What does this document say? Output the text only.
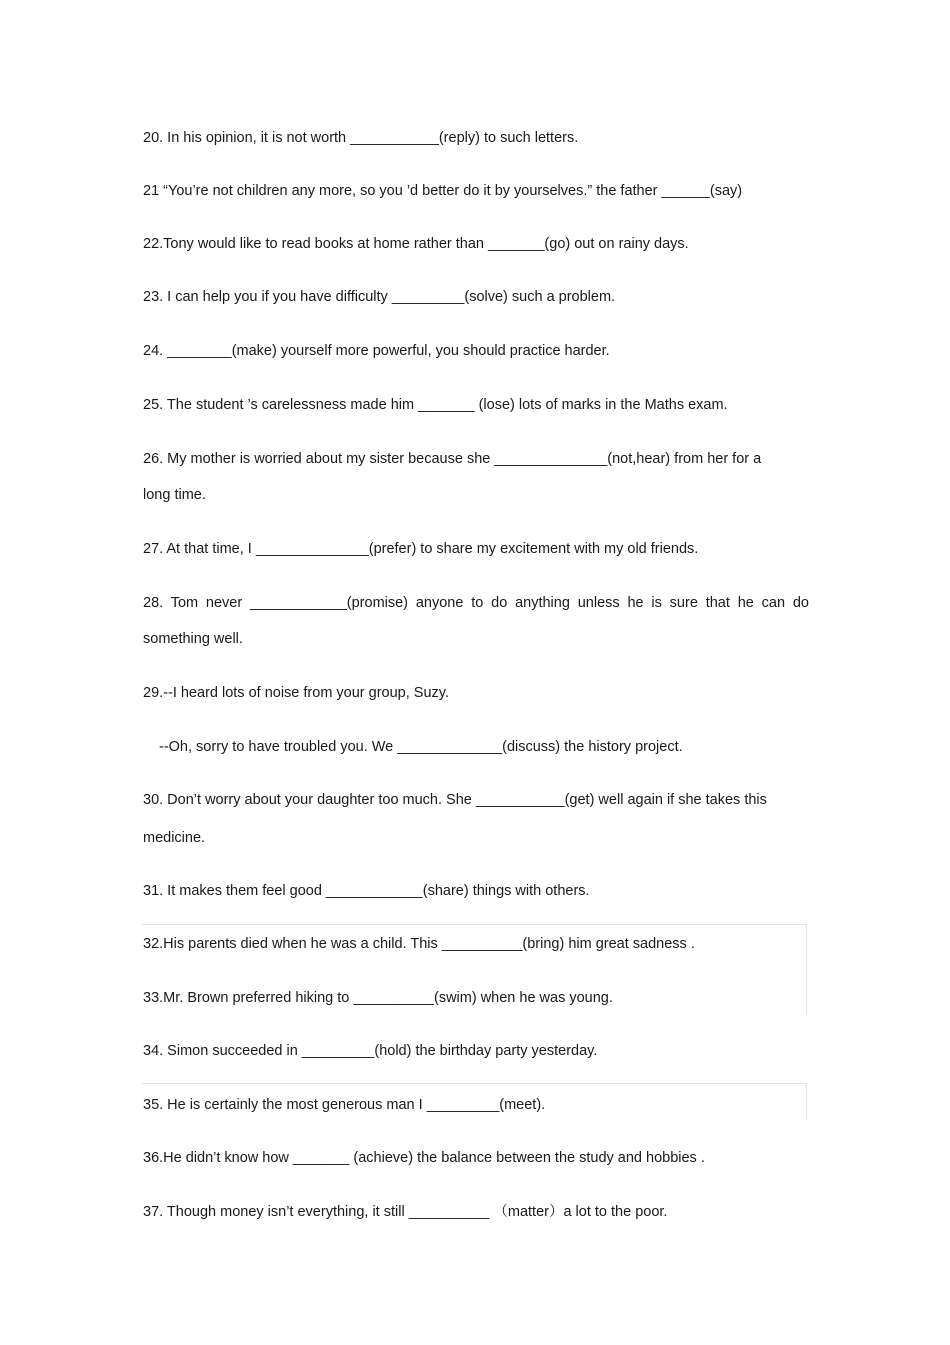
20. In his opinion, it is not worth ___________(reply) to such letters.
21 “You’re not children any more, so you ’d better do it by yourselves.” the father ______(say)
22.Tony would like to read books at home rather than _______(go) out on rainy days.
23. I can help you if you have difficulty _________(solve) such a problem.
24. ________(make) yourself more powerful, you should practice harder.
25. The student ’s carelessness made him _______ (lose) lots of marks in the Maths exam.
26. My mother is worried about my sister because she ______________(not,hear) from her for a
long time.
27. At that time, I ______________(prefer) to share my excitement with my old friends.
28. Tom never ____________(promise) anyone to do anything unless he is sure that he can do
something well.
29.--I heard lots of noise from your group, Suzy.
--Oh, sorry to have troubled you. We _____________(discuss) the history project.
30. Don’t worry about your daughter too much. She ___________(get) well again if she takes this
medicine.
31. It makes them feel good ____________(share) things with others.
32.His parents died when he was a child. This __________(bring) him great sadness .
33.Mr. Brown preferred hiking to __________(swim) when he was young.
34. Simon succeeded in _________(hold) the birthday party yesterday.
35. He is certainly the most generous man I _________(meet).
36.He didn’t know how _______ (achieve) the balance between the study and hobbies .
37. Though money isn’t everything, it still __________ （matter）a lot to the poor.
